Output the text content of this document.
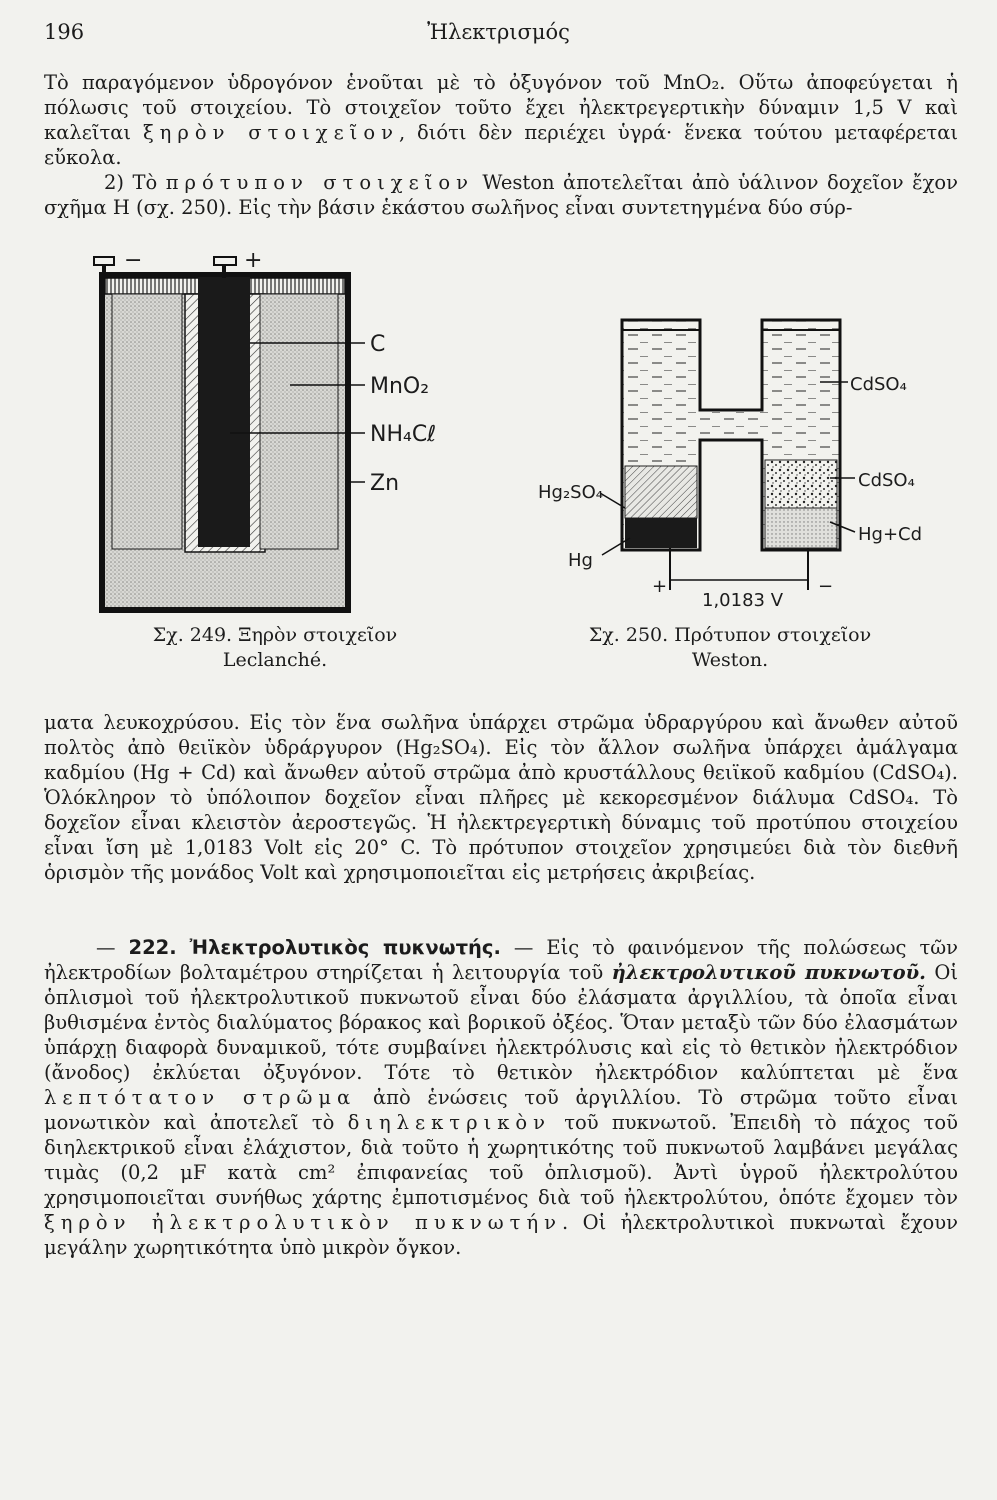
196	Ἠλεκτρισμός

Τὸ παραγόμενον ὑδρογόνον ἑνοῦται μὲ τὸ ὀξυγόνον τοῦ MnO₂. Οὕτω ἀποφεύγεται ἡ πόλωσις τοῦ στοιχείου. Τὸ στοιχεῖον τοῦτο ἔχει ἠλεκτρεγερτικὴν δύναμιν 1,5 V καὶ καλεῖται ξηρὸν στοιχεῖον, διότι δὲν περιέχει ὑγρά· ἕνεκα τούτου μεταφέρεται εὔκολα.

2) Τὸ πρότυπον στοιχεῖον Weston ἀποτελεῖται ἀπὸ ὑάλινον δοχεῖον ἔχον σχῆμα Η (σχ. 250). Εἰς τὴν βάσιν ἑκάστου σωλῆνος εἶναι συντετηγμένα δύο σύρ-

−	+
C
MnO₂
NH₄Cℓ
Zn
Σχ. 249. Ξηρὸν στοιχεῖον
Leclanché.
+	−
1,0183 V
CdSO₄
CdSO₄
Hg+Cd
Hg₂SO₄
Hg
Σχ. 250. Πρότυπον στοιχεῖον
Weston.

ματα λευκοχρύσου. Εἰς τὸν ἕνα σωλῆνα ὑπάρχει στρῶμα ὑδραργύρου καὶ ἄνωθεν αὐτοῦ πολτὸς ἀπὸ θειϊκὸν ὑδράργυρον (Hg₂SO₄). Εἰς τὸν ἄλλον σωλῆνα ὑπάρχει ἀμάλγαμα καδμίου (Hg + Cd) καὶ ἄνωθεν αὐτοῦ στρῶμα ἀπὸ κρυστάλλους θειϊκοῦ καδμίου (CdSO₄). Ὁλόκληρον τὸ ὑπόλοιπον δοχεῖον εἶναι πλῆρες μὲ κεκορεσμένον διάλυμα CdSO₄. Τὸ δοχεῖον εἶναι κλειστὸν ἀεροστεγῶς. Ἡ ἠλεκτρεγερτικὴ δύναμις τοῦ προτύπου στοιχείου εἶναι ἴση μὲ 1,0183 Volt εἰς 20° C. Τὸ πρότυπον στοιχεῖον χρησιμεύει διὰ τὸν διεθνῆ ὁρισμὸν τῆς μονάδος Volt καὶ χρησιμοποιεῖται εἰς μετρήσεις ἀκριβείας.

— 222. Ἠλεκτρολυτικὸς πυκνωτής. — Εἰς τὸ φαινόμενον τῆς πολώσεως τῶν ἠλεκτροδίων βολταμέτρου στηρίζεται ἡ λειτουργία τοῦ ἠλεκτρολυτικοῦ πυκνωτοῦ. Οἱ ὁπλισμοὶ τοῦ ἠλεκτρολυτικοῦ πυκνωτοῦ εἶναι δύο ἐλάσματα ἀργιλλίου, τὰ ὁποῖα εἶναι βυθισμένα ἐντὸς διαλύματος βόρακος καὶ βορικοῦ ὀξέος. Ὅταν μεταξὺ τῶν δύο ἐλασμάτων ὑπάρχῃ διαφορὰ δυναμικοῦ, τότε συμβαίνει ἠλεκτρόλυσις καὶ εἰς τὸ θετικὸν ἠλεκτρόδιον (ἄνοδος) ἐκλύεται ὀξυγόνον. Τότε τὸ θετικὸν ἠλεκτρόδιον καλύπτεται μὲ ἕνα λεπτότατον στρῶμα ἀπὸ ἑνώσεις τοῦ ἀργιλλίου. Τὸ στρῶμα τοῦτο εἶναι μονωτικὸν καὶ ἀποτελεῖ τὸ διηλεκτρικὸν τοῦ πυκνωτοῦ. Ἐπειδὴ τὸ πάχος τοῦ διηλεκτρικοῦ εἶναι ἐλάχιστον, διὰ τοῦτο ἡ χωρητικότης τοῦ πυκνωτοῦ λαμβάνει μεγάλας τιμὰς (0,2 μF κατὰ cm² ἐπιφανείας τοῦ ὁπλισμοῦ). Ἀντὶ ὑγροῦ ἠλεκτρολύτου χρησιμοποιεῖται συνήθως χάρτης ἐμποτισμένος διὰ τοῦ ἠλεκτρολύτου, ὁπότε ἔχομεν τὸν ξηρὸν ἠλεκτρολυτικὸν πυκνωτήν. Οἱ ἠλεκτρολυτικοὶ πυκνωταὶ ἔχουν μεγάλην χωρητικότητα ὑπὸ μικρὸν ὄγκον.
